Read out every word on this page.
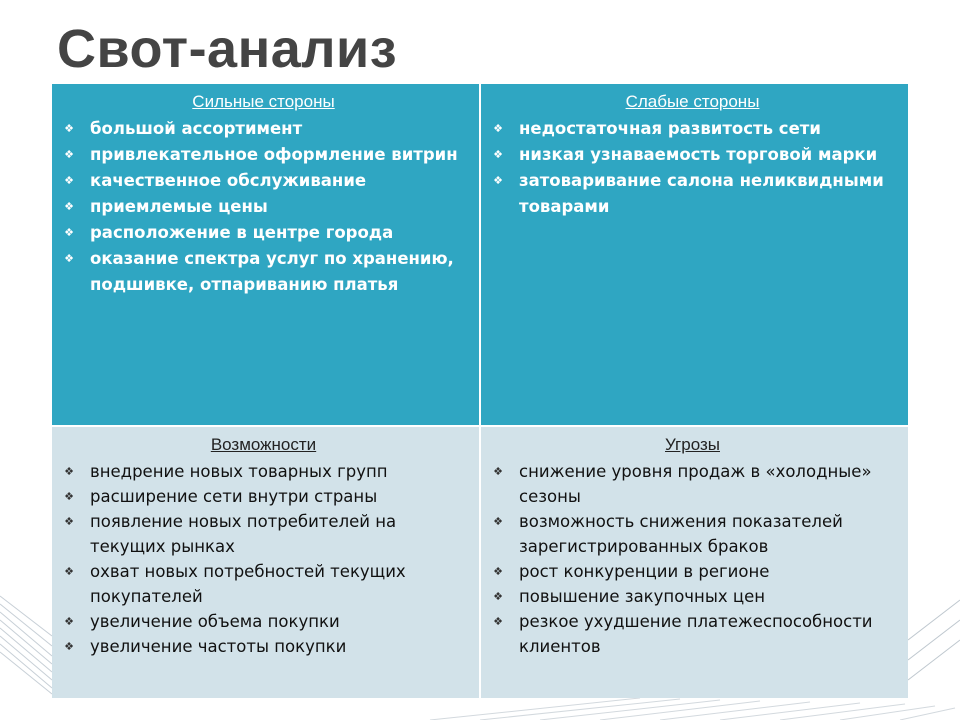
Свот-анализ
Сильные стороны
❖ большой ассортимент
❖ привлекательное оформление витрин
❖ качественное обслуживание
❖ приемлемые цены
❖ расположение в центре города
❖ оказание спектра услуг по хранению, подшивке, отпариванию платья
Слабые стороны
❖ недостаточная развитость сети
❖ низкая узнаваемость торговой марки
❖ затоваривание салона неликвидными товарами
Возможности
❖ внедрение новых товарных групп
❖ расширение сети внутри страны
❖ появление новых потребителей на текущих рынках
❖ охват новых потребностей текущих покупателей
❖ увеличение объема покупки
❖ увеличение частоты покупки
Угрозы
❖ снижение уровня продаж в «холодные» сезоны
❖ возможность снижения показателей зарегистрированных браков
❖ рост конкуренции в регионе
❖ повышение закупочных цен
❖ резкое ухудшение платежеспособности клиентов
